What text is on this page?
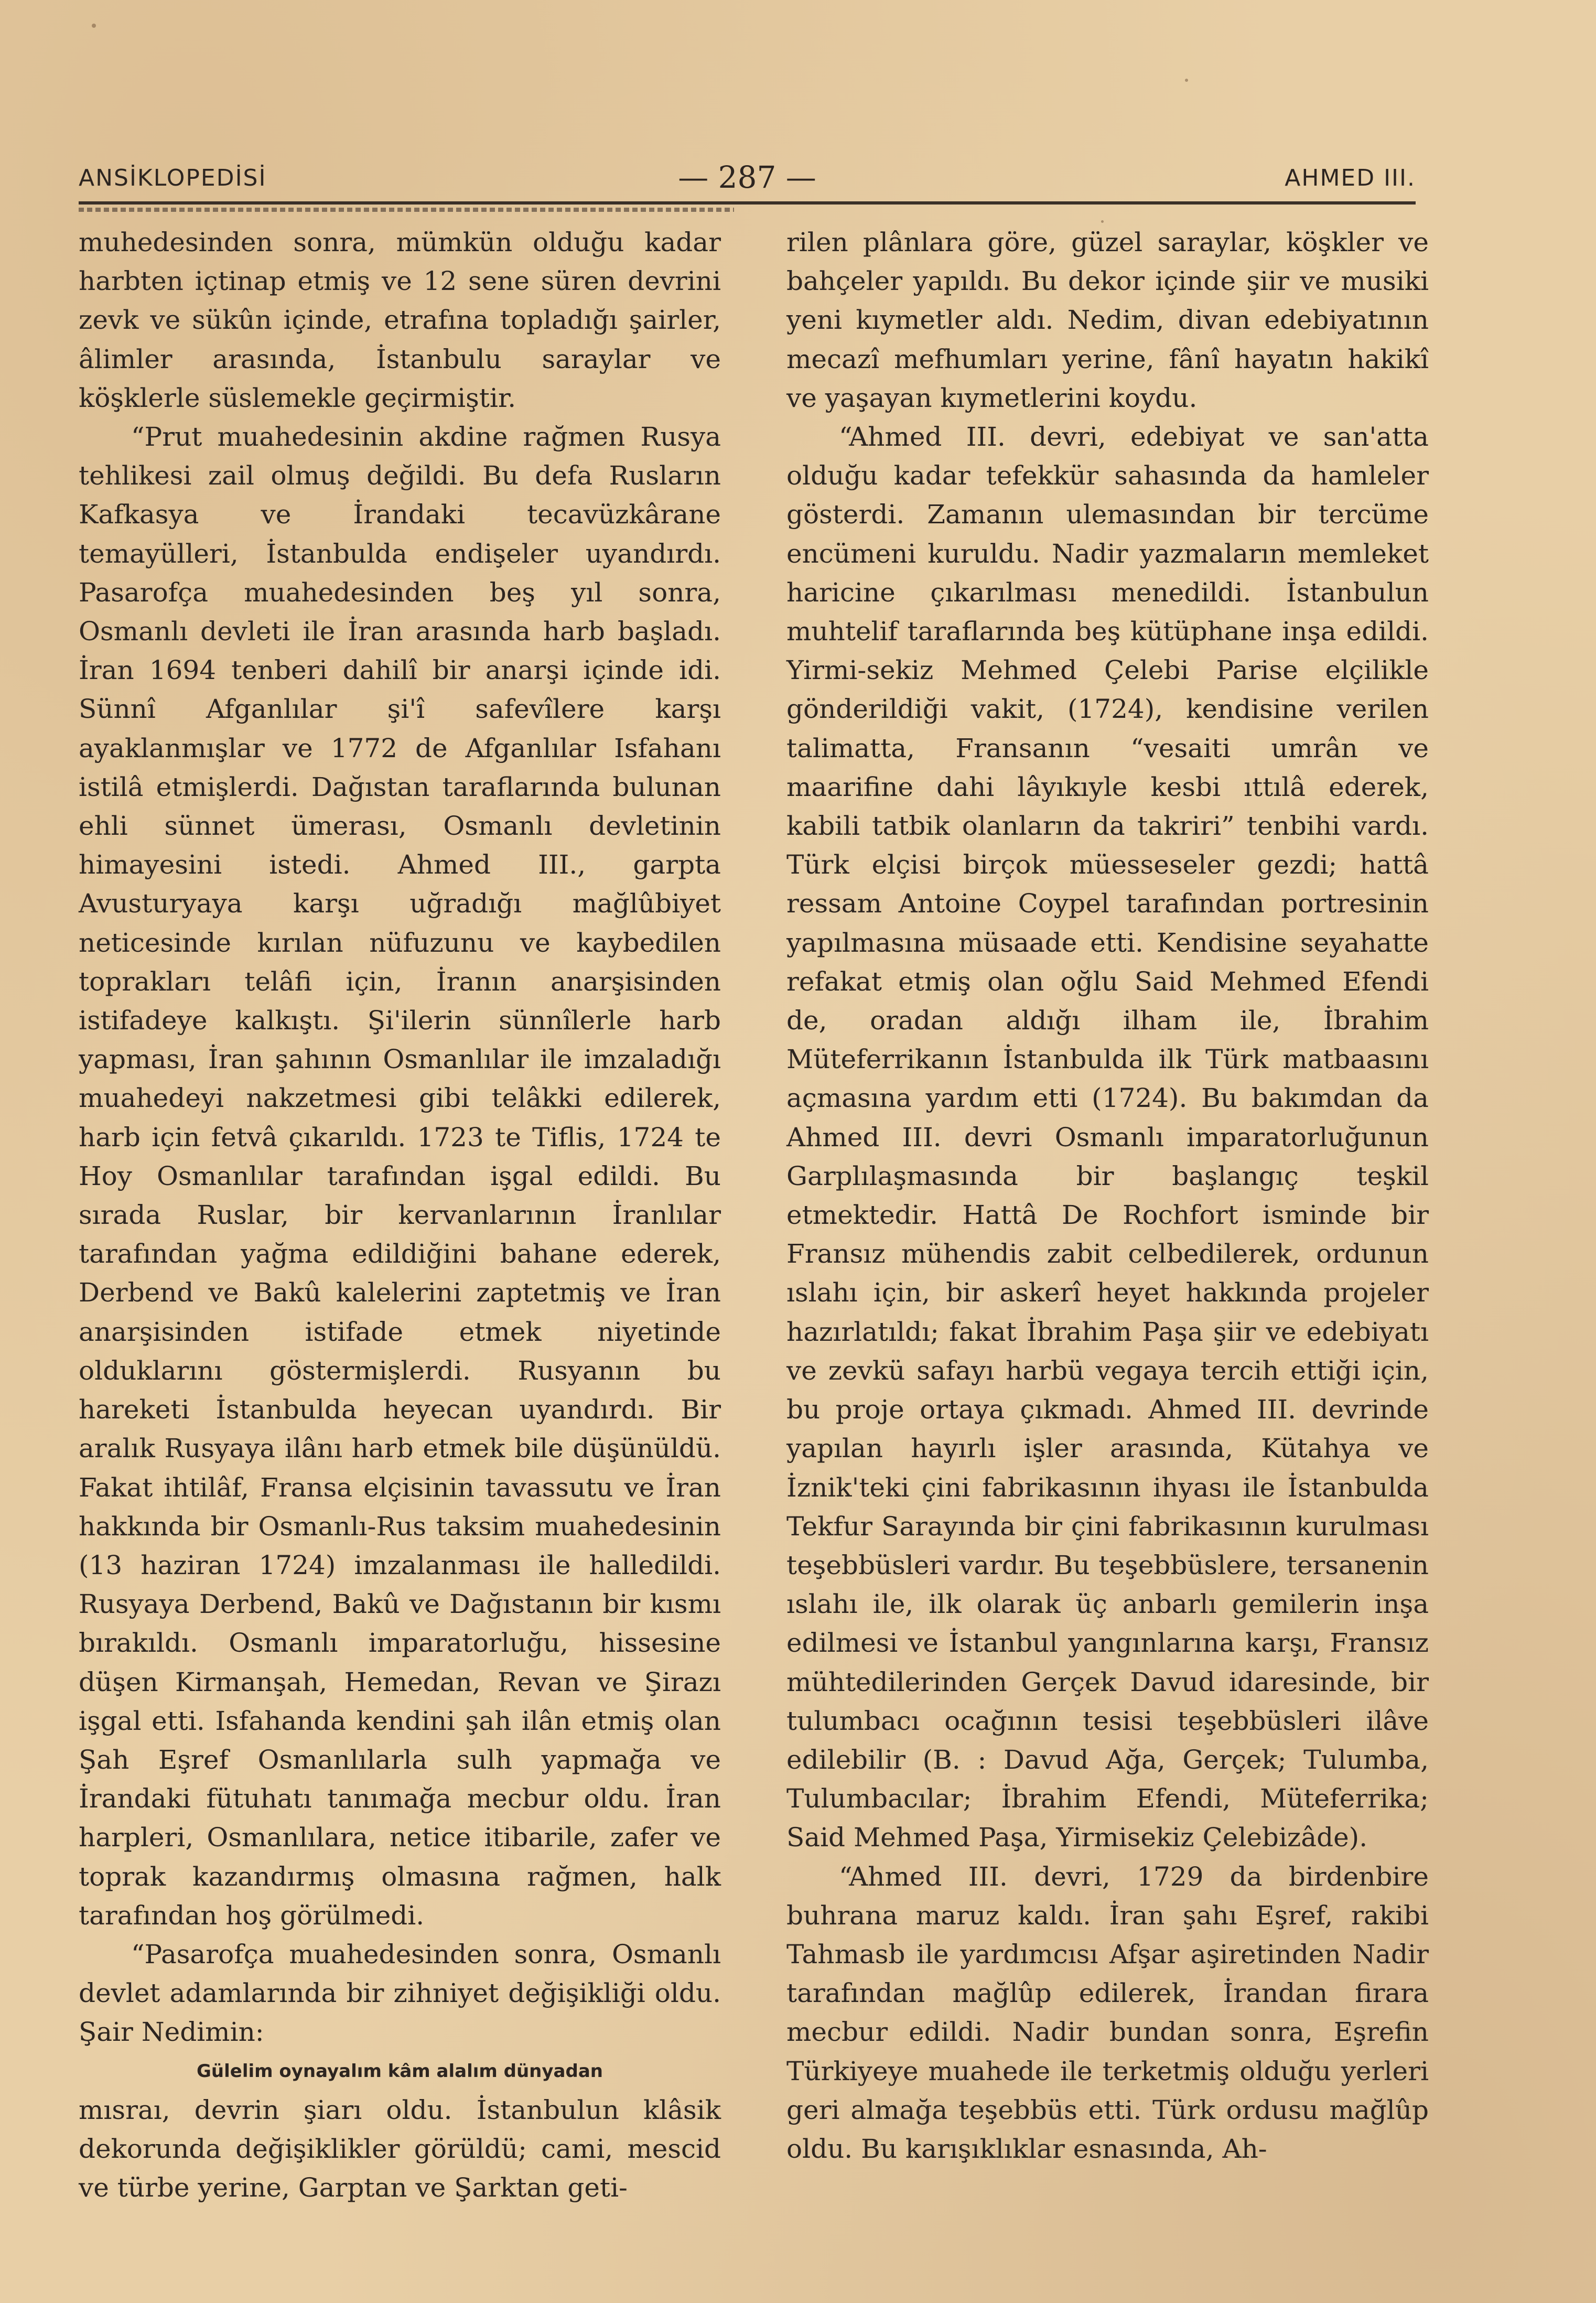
ANSİKLOPEDİSİ	— 287 —	AHMED III.

muhedesinden sonra, mümkün olduğu kadar harbten içtinap etmiş ve 12 sene süren devrini zevk ve sükûn içinde, etrafına topladığı şairler, âlimler arasında, İstanbulu saraylar ve köşklerle süslemekle geçirmiştir.

“Prut muahedesinin akdine rağmen Rusya tehlikesi zail olmuş değildi. Bu defa Rusların Kafkasya ve İrandaki tecavüzkârane temayülleri, İstanbulda endişeler uyandırdı. Pasarofça muahedesinden beş yıl sonra, Osmanlı devleti ile İran arasında harb başladı. İran 1694 tenberi dahilî bir anarşi içinde idi. Sünnî Afganlılar şi'î safevîlere karşı ayaklanmışlar ve 1772 de Afganlılar Isfahanı istilâ etmişlerdi. Dağıstan taraflarında bulunan ehli sünnet ümerası, Osmanlı devletinin himayesini istedi. Ahmed III., garpta Avusturyaya karşı uğradığı mağlûbiyet neticesinde kırılan nüfuzunu ve kaybedilen toprakları telâfi için, İranın anarşisinden istifadeye kalkıştı. Şi'ilerin sünnîlerle harb yapması, İran şahının Osmanlılar ile imzaladığı muahedeyi nakzetmesi gibi telâkki edilerek, harb için fetvâ çıkarıldı. 1723 te Tiflis, 1724 te Hoy Osmanlılar tarafından işgal edildi. Bu sırada Ruslar, bir kervanlarının İranlılar tarafından yağma edildiğini bahane ederek, Derbend ve Bakû kalelerini zaptetmiş ve İran anarşisinden istifade etmek niyetinde olduklarını göstermişlerdi. Rusyanın bu hareketi İstanbulda heyecan uyandırdı. Bir aralık Rusyaya ilânı harb etmek bile düşünüldü. Fakat ihtilâf, Fransa elçisinin tavassutu ve İran hakkında bir Osmanlı-Rus taksim muahedesinin (13 haziran 1724) imzalanması ile halledildi. Rusyaya Derbend, Bakû ve Dağıstanın bir kısmı bırakıldı. Osmanlı imparatorluğu, hissesine düşen Kirmanşah, Hemedan, Revan ve Şirazı işgal etti. Isfahanda kendini şah ilân etmiş olan Şah Eşref Osmanlılarla sulh yapmağa ve İrandaki fütuhatı tanımağa mecbur oldu. İran harpleri, Osmanlılara, netice itibarile, zafer ve toprak kazandırmış olmasına rağmen, halk tarafından hoş görülmedi.

“Pasarofça muahedesinden sonra, Osmanlı devlet adamlarında bir zihniyet değişikliği oldu. Şair Nedimin:

Gülelim oynayalım kâm alalım dünyadan

mısraı, devrin şiarı oldu. İstanbulun klâsik dekorunda değişiklikler görüldü; cami, mescid ve türbe yerine, Garptan ve Şarktan geti-

rilen plânlara göre, güzel saraylar, köşkler ve bahçeler yapıldı. Bu dekor içinde şiir ve musiki yeni kıymetler aldı. Nedim, divan edebiyatının mecazî mefhumları yerine, fânî hayatın hakikî ve yaşayan kıymetlerini koydu.

“Ahmed III. devri, edebiyat ve san'atta olduğu kadar tefekkür sahasında da hamleler gösterdi. Zamanın ulemasından bir tercüme encümeni kuruldu. Nadir yazmaların memleket haricine çıkarılması menedildi. İstanbulun muhtelif taraflarında beş kütüphane inşa edildi. Yirmi-sekiz Mehmed Çelebi Parise elçilikle gönderildiği vakit, (1724), kendisine verilen talimatta, Fransanın “vesaiti umrân ve maarifine dahi lâyıkıyle kesbi ıttılâ ederek, kabili tatbik olanların da takriri” tenbihi vardı. Türk elçisi birçok müesseseler gezdi; hattâ ressam Antoine Coypel tarafından portresinin yapılmasına müsaade etti. Kendisine seyahatte refakat etmiş olan oğlu Said Mehmed Efendi de, oradan aldığı ilham ile, İbrahim Müteferrikanın İstanbulda ilk Türk matbaasını açmasına yardım etti (1724). Bu bakımdan da Ahmed III. devri Osmanlı imparatorluğunun Garplılaşmasında bir başlangıç teşkil etmektedir. Hattâ De Rochfort isminde bir Fransız mühendis zabit celbedilerek, ordunun ıslahı için, bir askerî heyet hakkında projeler hazırlatıldı; fakat İbrahim Paşa şiir ve edebiyatı ve zevkü safayı harbü vegaya tercih ettiği için, bu proje ortaya çıkmadı. Ahmed III. devrinde yapılan hayırlı işler arasında, Kütahya ve İznik'teki çini fabrikasının ihyası ile İstanbulda Tekfur Sarayında bir çini fabrikasının kurulması teşebbüsleri vardır. Bu teşebbüslere, tersanenin ıslahı ile, ilk olarak üç anbarlı gemilerin inşa edilmesi ve İstanbul yangınlarına karşı, Fransız mühtedilerinden Gerçek Davud idaresinde, bir tulumbacı ocağının tesisi teşebbüsleri ilâve edilebilir (B. : Davud Ağa, Gerçek; Tulumba, Tulumbacılar; İbrahim Efendi, Müteferrika; Said Mehmed Paşa, Yirmisekiz Çelebizâde).

“Ahmed III. devri, 1729 da birdenbire buhrana maruz kaldı. İran şahı Eşref, rakibi Tahmasb ile yardımcısı Afşar aşiretinden Nadir tarafından mağlûp edilerek, İrandan firara mecbur edildi. Nadir bundan sonra, Eşrefin Türkiyeye muahede ile terketmiş olduğu yerleri geri almağa teşebbüs etti. Türk ordusu mağlûp oldu. Bu karışıklıklar esnasında, Ah-
